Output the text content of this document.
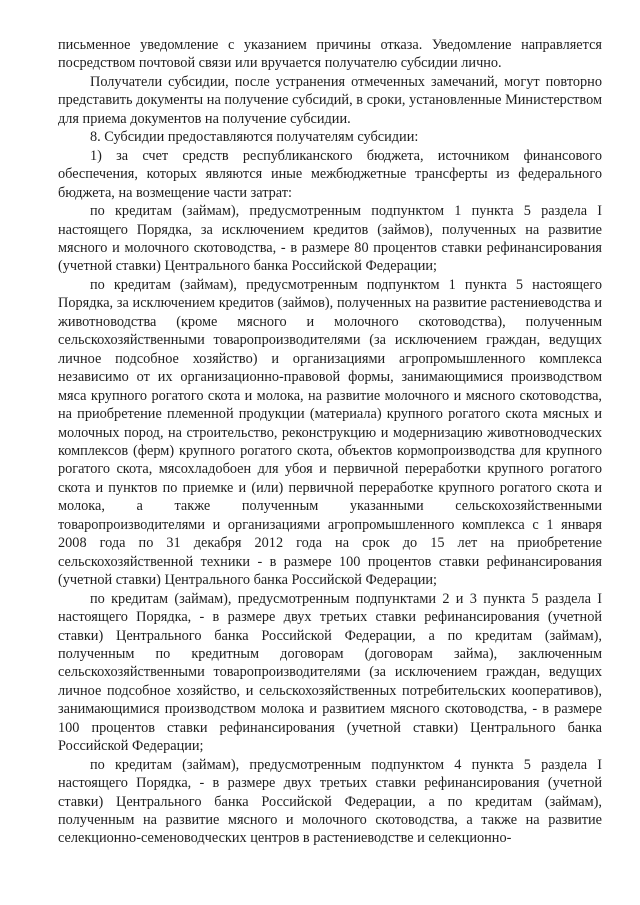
письменное уведомление с указанием причины отказа. Уведомление направляется посредством почтовой связи или вручается получателю субсидии лично.

Получатели субсидии, после устранения отмеченных замечаний, могут повторно представить документы на получение субсидий, в сроки, установленные Министерством для приема документов на получение субсидии.

8. Субсидии предоставляются получателям субсидии:

1) за счет средств республиканского бюджета, источником финансового обеспечения, которых являются иные межбюджетные трансферты из федерального бюджета, на возмещение части затрат:

по кредитам (займам), предусмотренным подпунктом 1 пункта 5 раздела I настоящего Порядка, за исключением кредитов (займов), полученных на развитие мясного и молочного скотоводства, - в размере 80 процентов ставки рефинансирования (учетной ставки) Центрального банка Российской Федерации;

по кредитам (займам), предусмотренным подпунктом 1 пункта 5 настоящего Порядка, за исключением кредитов (займов), полученных на развитие растениеводства и животноводства (кроме мясного и молочного скотоводства), полученным сельскохозяйственными товаропроизводителями (за исключением граждан, ведущих личное подсобное хозяйство) и организациями агропромышленного комплекса независимо от их организационно-правовой формы, занимающимися производством мяса крупного рогатого скота и молока, на развитие молочного и мясного скотоводства, на приобретение племенной продукции (материала) крупного рогатого скота мясных и молочных пород, на строительство, реконструкцию и модернизацию животноводческих комплексов (ферм) крупного рогатого скота, объектов кормопроизводства для крупного рогатого скота, мясохладобоен для убоя и первичной переработки крупного рогатого скота и пунктов по приемке и (или) первичной переработке крупного рогатого скота и молока, а также полученным указанными сельскохозяйственными товаропроизводителями и организациями агропромышленного комплекса с 1 января 2008 года по 31 декабря 2012 года на срок до 15 лет на приобретение сельскохозяйственной техники - в размере 100 процентов ставки рефинансирования (учетной ставки) Центрального банка Российской Федерации;

по кредитам (займам), предусмотренным подпунктами 2 и 3 пункта 5 раздела I настоящего Порядка, - в размере двух третьих ставки рефинансирования (учетной ставки) Центрального банка Российской Федерации, а по кредитам (займам), полученным по кредитным договорам (договорам займа), заключенным сельскохозяйственными товаропроизводителями (за исключением граждан, ведущих личное подсобное хозяйство, и сельскохозяйственных потребительских кооперативов), занимающимися производством молока и развитием мясного скотоводства, - в размере 100 процентов ставки рефинансирования (учетной ставки) Центрального банка Российской Федерации;

по кредитам (займам), предусмотренным подпунктом 4 пункта 5 раздела I настоящего Порядка, - в размере двух третьих ставки рефинансирования (учетной ставки) Центрального банка Российской Федерации, а по кредитам (займам), полученным на развитие мясного и молочного скотоводства, а также на развитие селекционно-семеноводческих центров в растениеводстве и селекционно-
